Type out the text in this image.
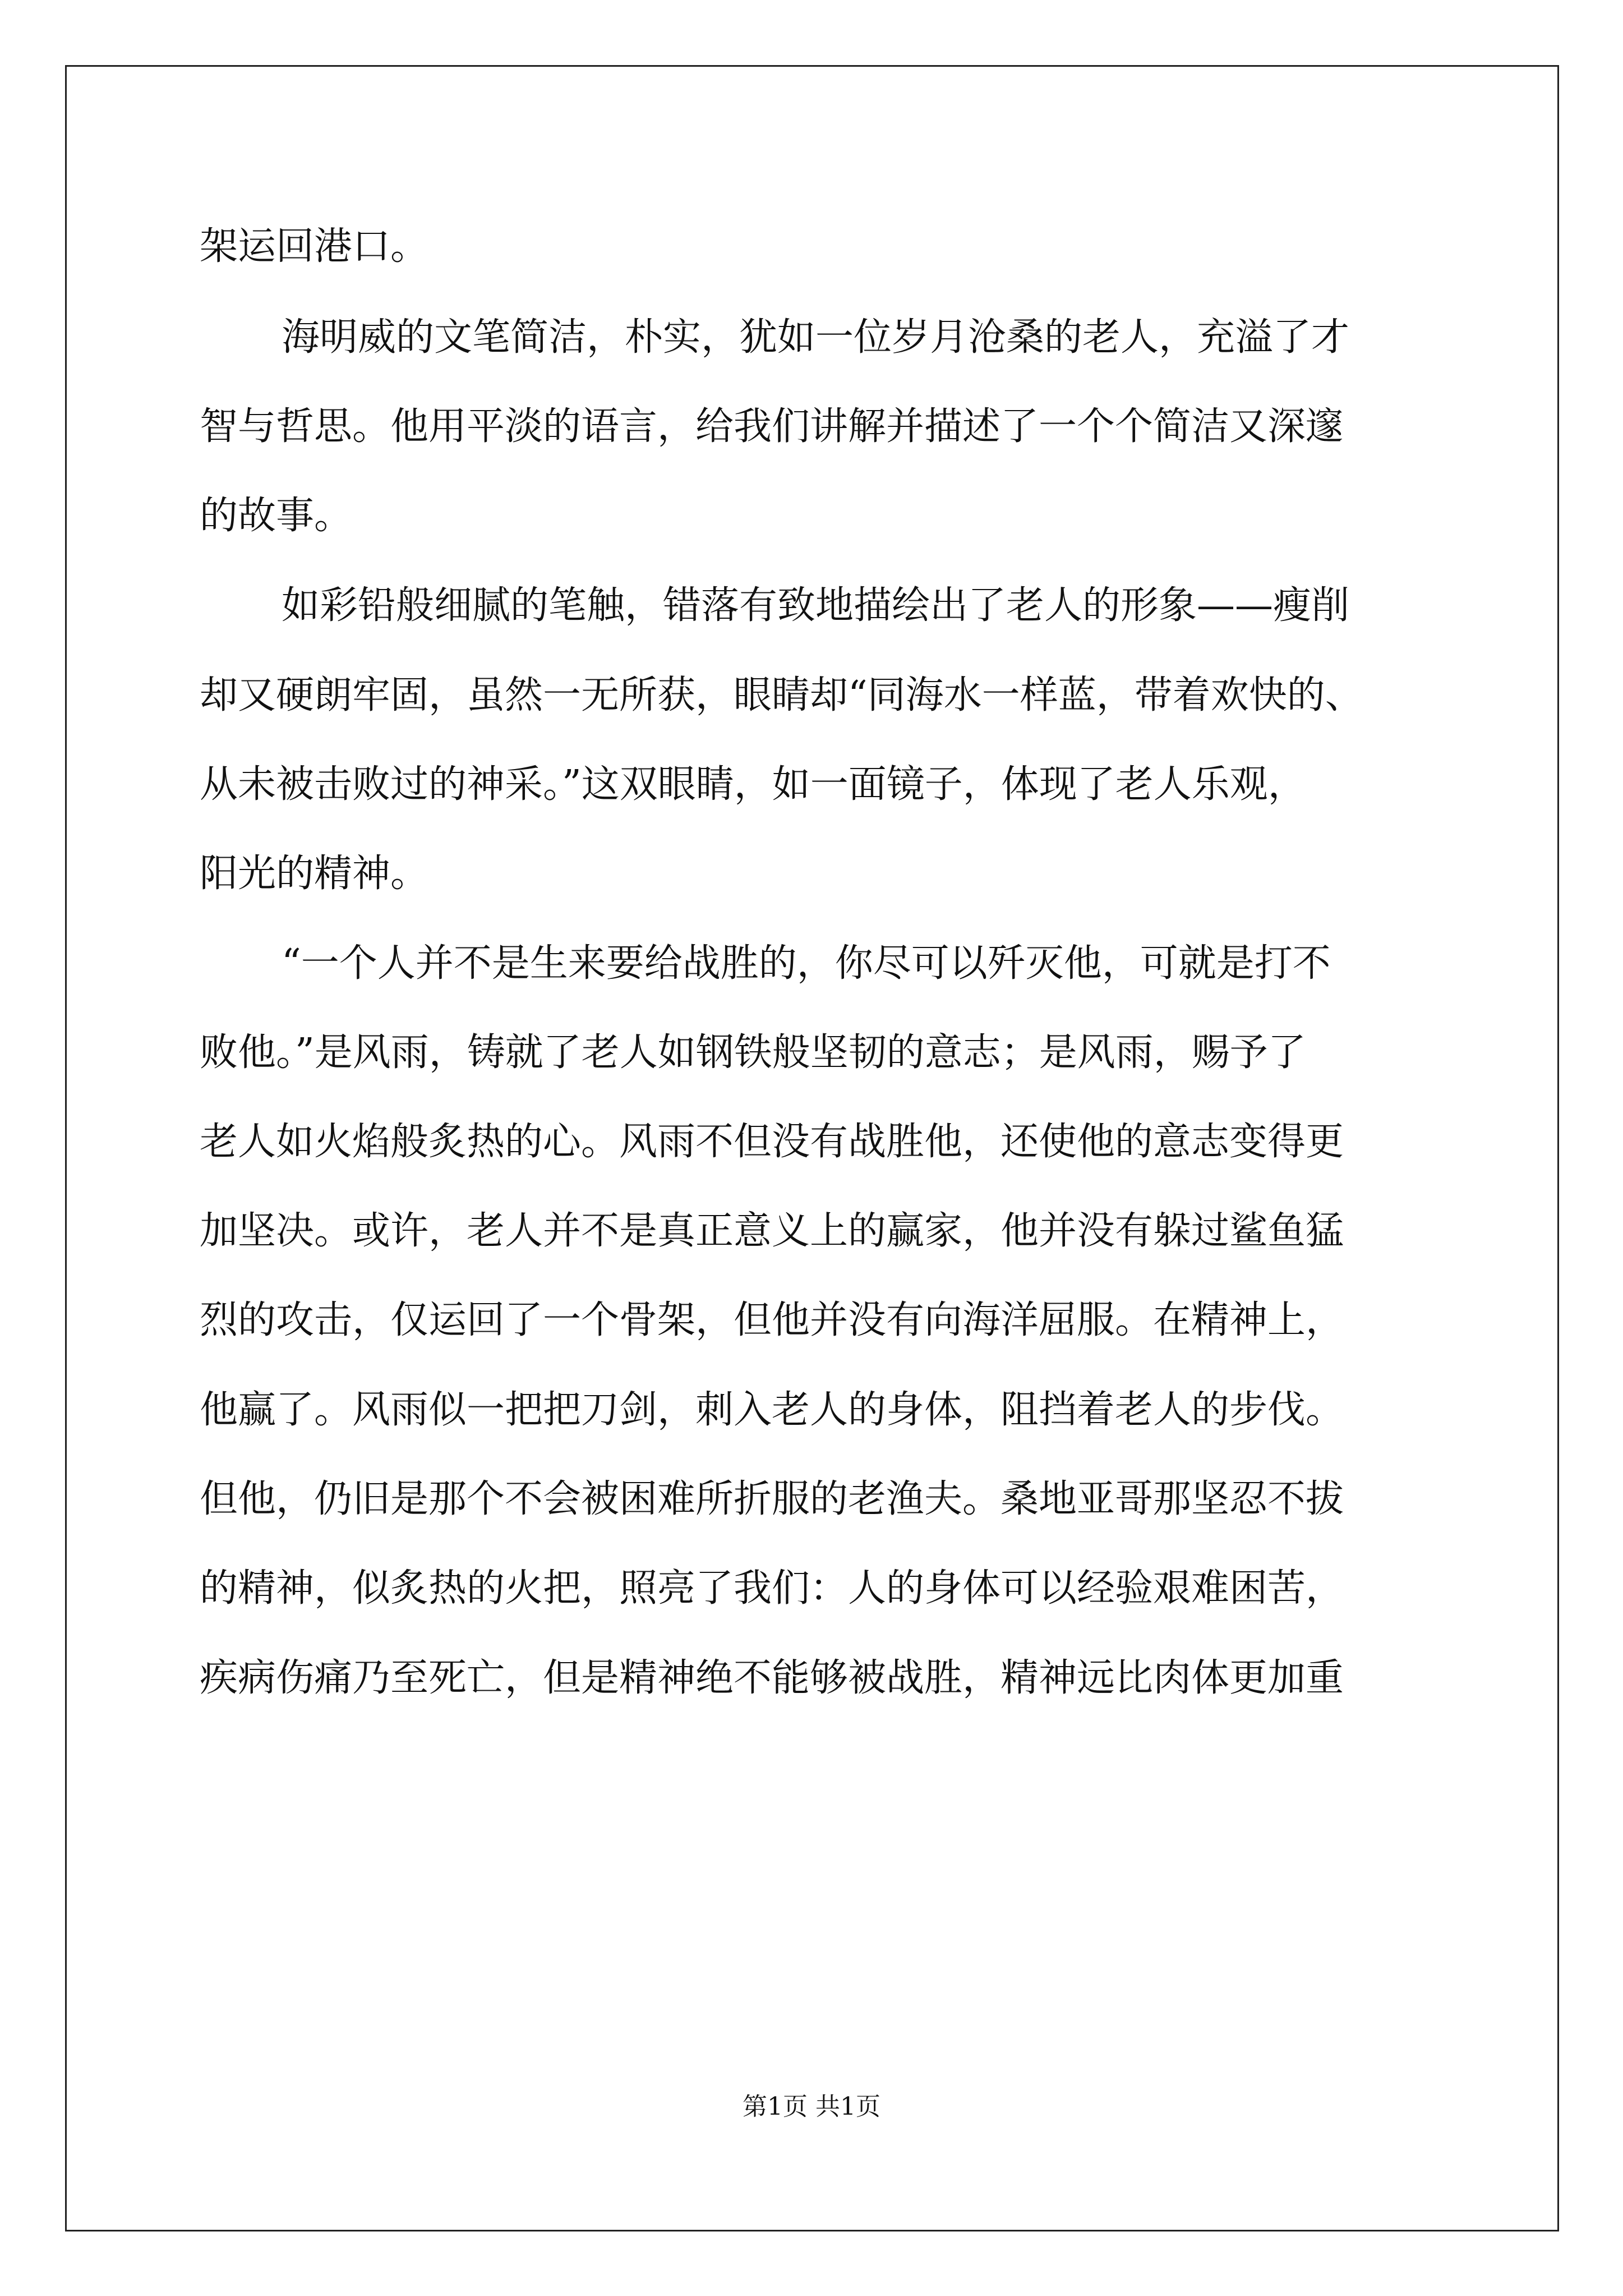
架运回港口。
海明威的文笔简洁，朴实，犹如一位岁月沧桑的老人，充溢了才
智与哲思。他用平淡的语言，给我们讲解并描述了一个个简洁又深邃
的故事。
如彩铅般细腻的笔触，错落有致地描绘出了老人的形象——瘦削
却又硬朗牢固，虽然一无所获，眼睛却“同海水一样蓝，带着欢快的、
从未被击败过的神采。”这双眼睛，如一面镜子，体现了老人乐观，
阳光的精神。
“一个人并不是生来要给战胜的，你尽可以歼灭他，可就是打不
败他。”是风雨，铸就了老人如钢铁般坚韧的意志；是风雨，赐予了
老人如火焰般炙热的心。风雨不但没有战胜他，还使他的意志变得更
加坚决。或许，老人并不是真正意义上的赢家，他并没有躲过鲨鱼猛
烈的攻击，仅运回了一个骨架，但他并没有向海洋屈服。在精神上，
他赢了。风雨似一把把刀剑，刺入老人的身体，阻挡着老人的步伐。
但他，仍旧是那个不会被困难所折服的老渔夫。桑地亚哥那坚忍不拔
的精神，似炙热的火把，照亮了我们：人的身体可以经验艰难困苦，
疾病伤痛乃至死亡，但是精神绝不能够被战胜，精神远比肉体更加重
第1页 共1页
